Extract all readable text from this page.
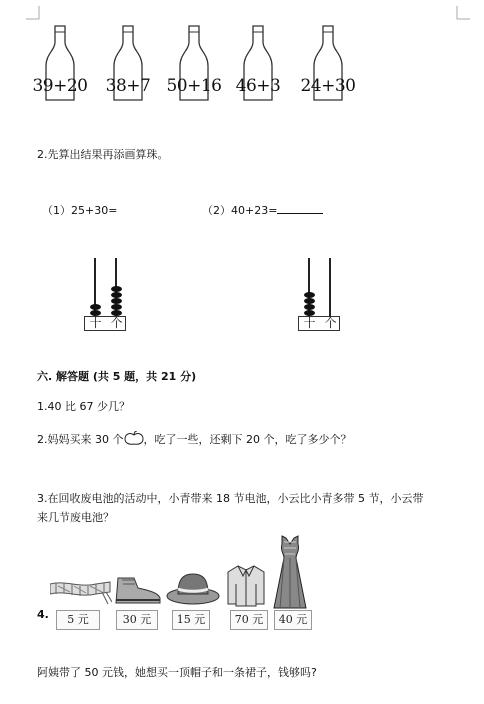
39+20	38+7 50+16 46+3	24+30
2.先算出结果再添画算珠。
（1）25+30=	（2）40+23=
十 个	十 个
六. 解答题 (共 5 题，共 21 分)
1.40 比 67 少几？
2.妈妈买来 30 个 ，吃了一些，还剩下 20 个，吃了多少个？
3.在回收废电池的活动中，小青带来 18 节电池，小云比小青多带 5 节，小云带
来几节废电池？
4.	5 元	30 元	15 元	70 元	40 元
阿姨带了 50 元钱，她想买一顶帽子和一条裙子，钱够吗?
